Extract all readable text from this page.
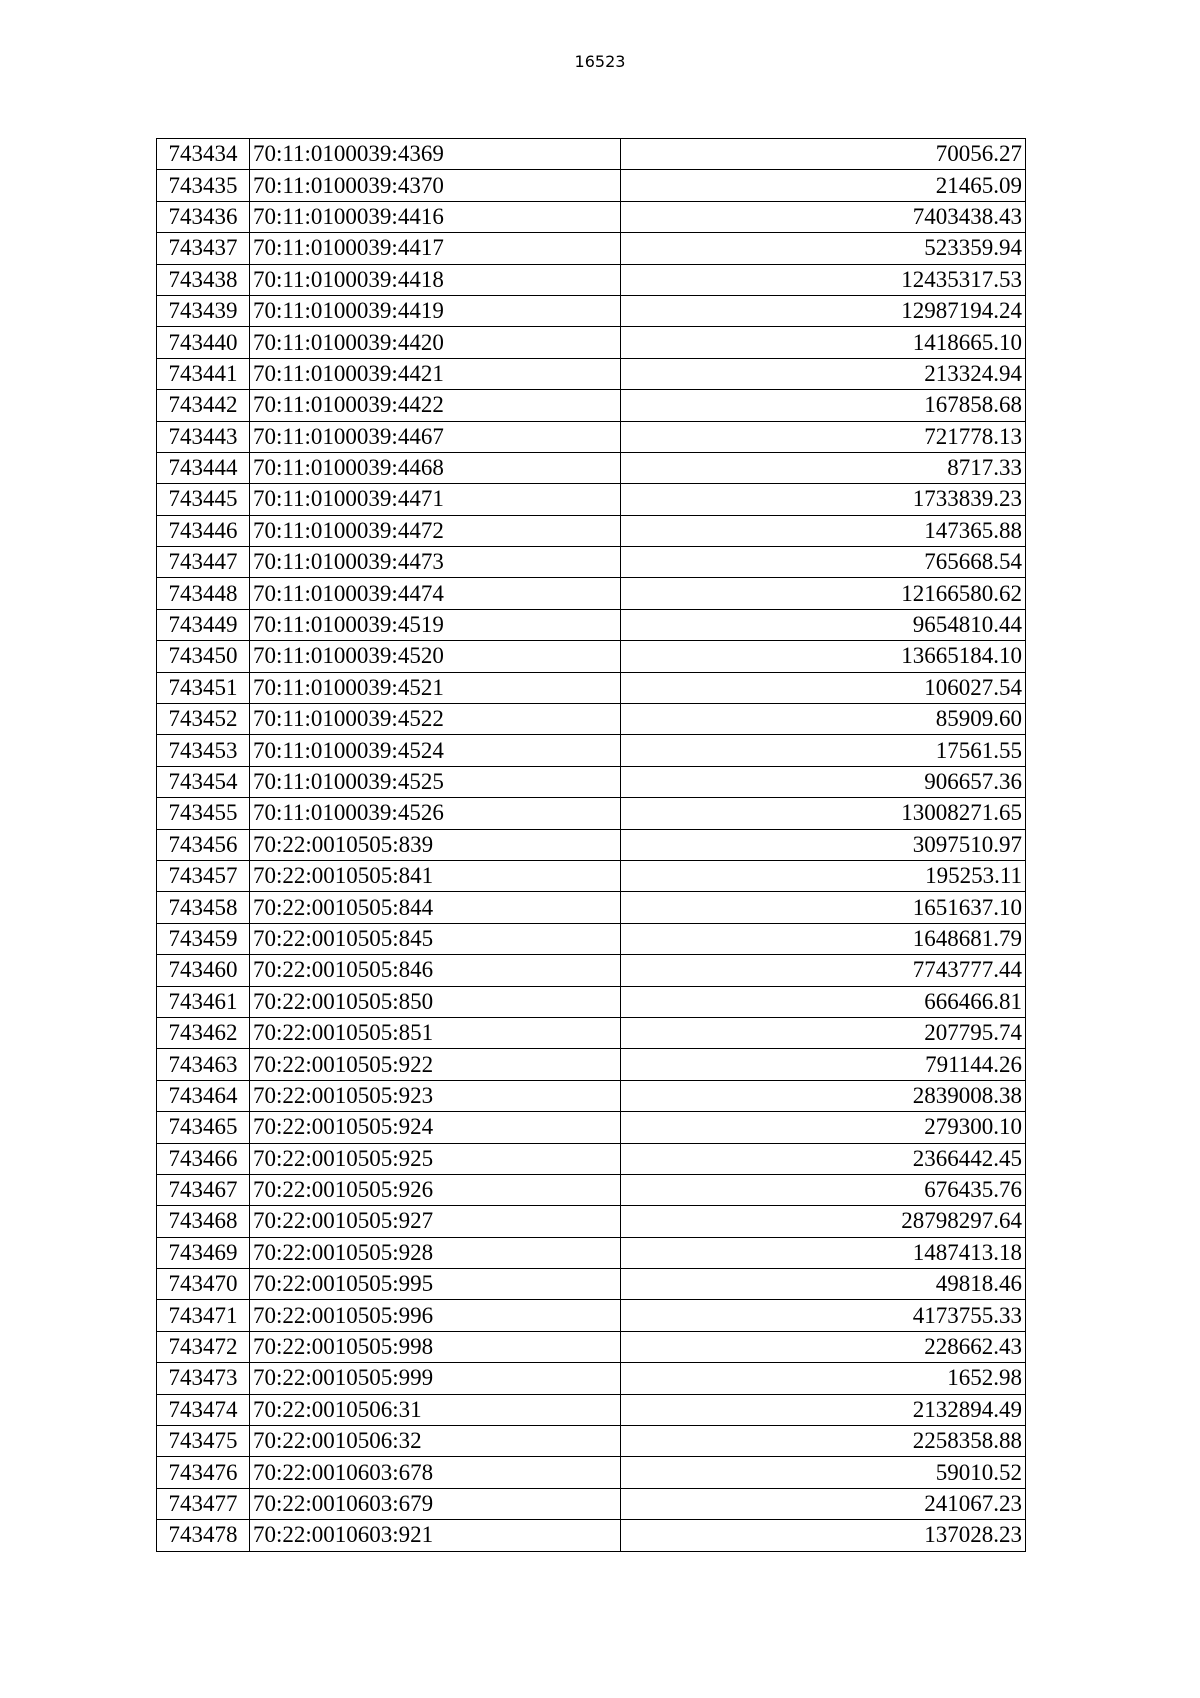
16523
743434	70:11:0100039:4369	70056.27
743435	70:11:0100039:4370	21465.09
743436	70:11:0100039:4416	7403438.43
743437	70:11:0100039:4417	523359.94
743438	70:11:0100039:4418	12435317.53
743439	70:11:0100039:4419	12987194.24
743440	70:11:0100039:4420	1418665.10
743441	70:11:0100039:4421	213324.94
743442	70:11:0100039:4422	167858.68
743443	70:11:0100039:4467	721778.13
743444	70:11:0100039:4468	8717.33
743445	70:11:0100039:4471	1733839.23
743446	70:11:0100039:4472	147365.88
743447	70:11:0100039:4473	765668.54
743448	70:11:0100039:4474	12166580.62
743449	70:11:0100039:4519	9654810.44
743450	70:11:0100039:4520	13665184.10
743451	70:11:0100039:4521	106027.54
743452	70:11:0100039:4522	85909.60
743453	70:11:0100039:4524	17561.55
743454	70:11:0100039:4525	906657.36
743455	70:11:0100039:4526	13008271.65
743456	70:22:0010505:839	3097510.97
743457	70:22:0010505:841	195253.11
743458	70:22:0010505:844	1651637.10
743459	70:22:0010505:845	1648681.79
743460	70:22:0010505:846	7743777.44
743461	70:22:0010505:850	666466.81
743462	70:22:0010505:851	207795.74
743463	70:22:0010505:922	791144.26
743464	70:22:0010505:923	2839008.38
743465	70:22:0010505:924	279300.10
743466	70:22:0010505:925	2366442.45
743467	70:22:0010505:926	676435.76
743468	70:22:0010505:927	28798297.64
743469	70:22:0010505:928	1487413.18
743470	70:22:0010505:995	49818.46
743471	70:22:0010505:996	4173755.33
743472	70:22:0010505:998	228662.43
743473	70:22:0010505:999	1652.98
743474	70:22:0010506:31	2132894.49
743475	70:22:0010506:32	2258358.88
743476	70:22:0010603:678	59010.52
743477	70:22:0010603:679	241067.23
743478	70:22:0010603:921	137028.23
